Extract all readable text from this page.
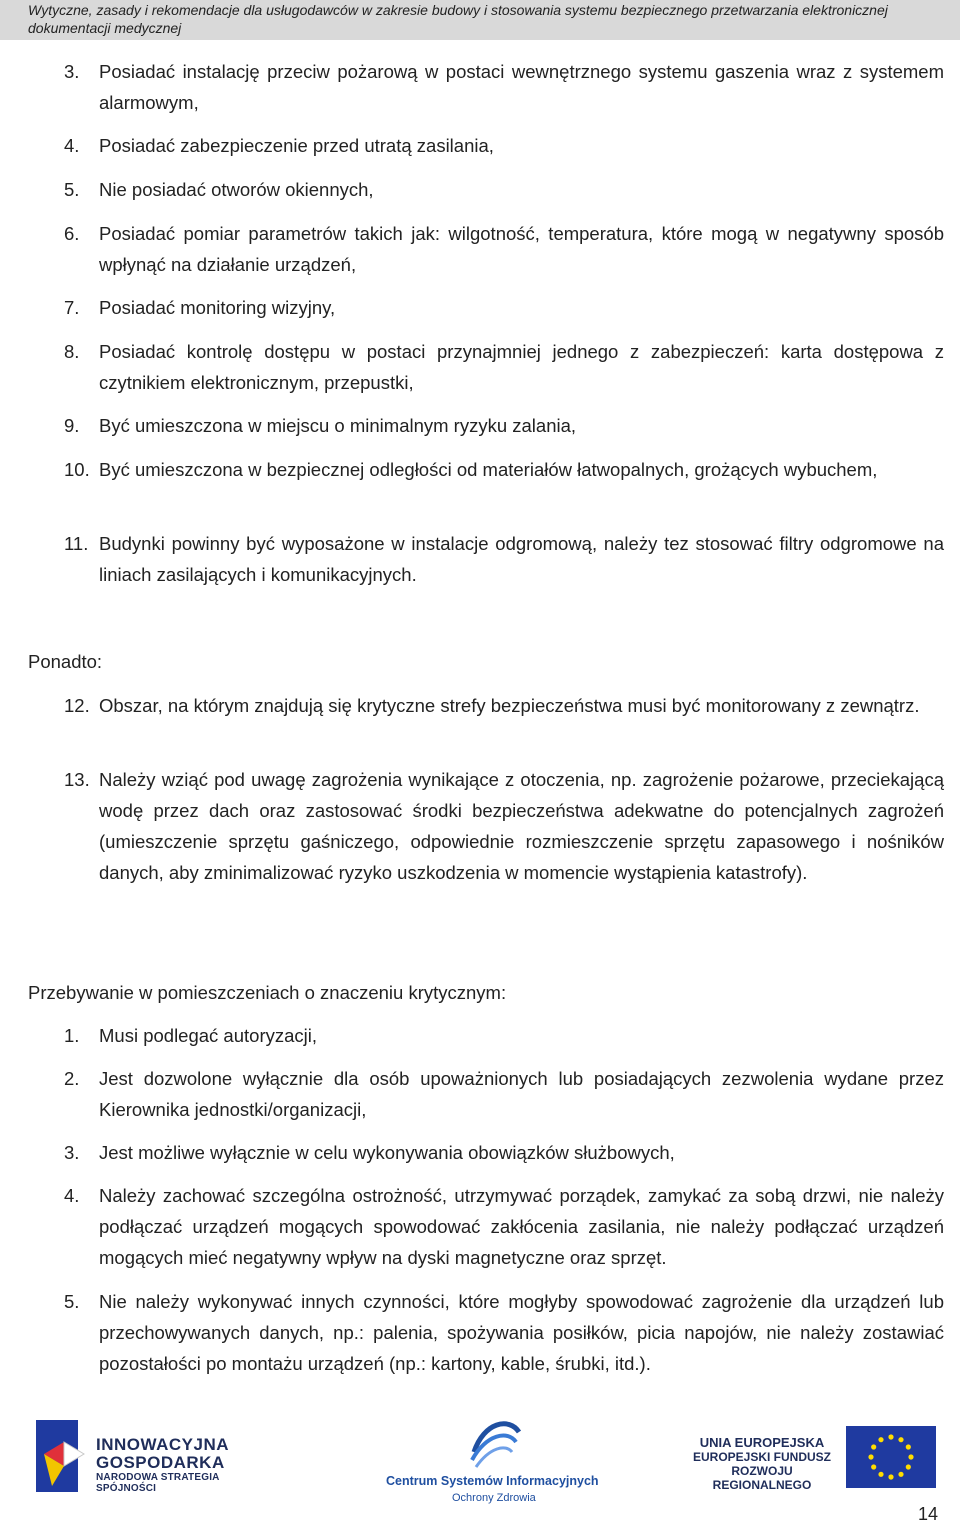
Wytyczne, zasady i rekomendacje dla usługodawców w zakresie budowy i stosowania systemu bezpiecznego przetwarzania elektronicznej
dokumentacji medycznej
3. Posiadać instalację przeciw pożarową w postaci wewnętrznego systemu gaszenia wraz z systemem alarmowym,
4. Posiadać zabezpieczenie przed utratą zasilania,
5. Nie posiadać otworów okiennych,
6. Posiadać pomiar parametrów takich jak: wilgotność, temperatura, które mogą w negatywny sposób wpłynąć na działanie urządzeń,
7. Posiadać monitoring wizyjny,
8. Posiadać kontrolę dostępu w postaci przynajmniej jednego z zabezpieczeń: karta dostępowa z czytnikiem elektronicznym, przepustki,
9. Być umieszczona w miejscu o minimalnym ryzyku zalania,
10. Być umieszczona w bezpiecznej odległości od materiałów łatwopalnych, grożących wybuchem,
11. Budynki powinny być wyposażone w instalacje odgromową, należy tez stosować filtry odgromowe na liniach zasilających i komunikacyjnych.
Ponadto:
12. Obszar, na którym znajdują się krytyczne strefy bezpieczeństwa musi być monitorowany z zewnątrz.
13. Należy wziąć pod uwagę zagrożenia wynikające z otoczenia, np. zagrożenie pożarowe, przeciekającą wodę przez dach oraz zastosować środki bezpieczeństwa adekwatne do potencjalnych zagrożeń (umieszczenie sprzętu gaśniczego, odpowiednie rozmieszczenie sprzętu zapasowego i nośników danych, aby zminimalizować ryzyko uszkodzenia w momencie wystąpienia katastrofy).
Przebywanie w pomieszczeniach o znaczeniu krytycznym:
1. Musi podlegać autoryzacji,
2. Jest dozwolone wyłącznie dla osób upoważnionych lub posiadających zezwolenia wydane przez Kierownika jednostki/organizacji,
3. Jest możliwe wyłącznie w celu wykonywania obowiązków służbowych,
4. Należy zachować szczególna ostrożność, utrzymywać porządek, zamykać za sobą drzwi, nie należy podłączać urządzeń mogących spowodować zakłócenia zasilania, nie należy podłączać urządzeń mogących mieć negatywny wpływ na dyski magnetyczne oraz sprzęt.
5. Nie należy wykonywać innych czynności, które mogłyby spowodować zagrożenie dla urządzeń lub przechowywanych danych, np.: palenia, spożywania posiłków, picia napojów, nie należy zostawiać pozostałości po montażu urządzeń (np.: kartony, kable, śrubki, itd.).
INNOWACYJNA
GOSPODARKA
NARODOWA STRATEGIA SPÓJNOŚCI
Centrum Systemów Informacyjnych
Ochrony Zdrowia
UNIA EUROPEJSKA
EUROPEJSKI FUNDUSZ
ROZWOJU REGIONALNEGO
14
